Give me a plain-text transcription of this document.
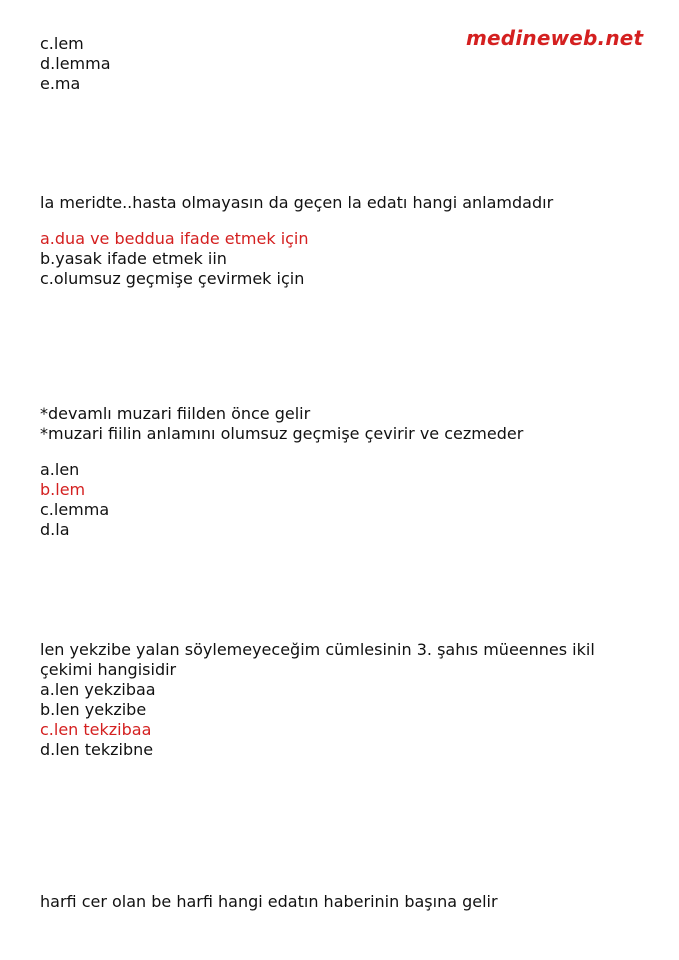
medineweb.net
c.lem
d.lemma
e.ma
la meridte..hasta olmayasın da geçen la edatı hangi anlamdadır
a.dua ve beddua ifade etmek için
b.yasak ifade etmek iin
c.olumsuz geçmişe çevirmek için
*devamlı muzari fiilden önce gelir
*muzari fiilin anlamını olumsuz geçmişe çevirir ve cezmeder
a.len
b.lem
c.lemma
d.la
len yekzibe yalan söylemeyeceğim cümlesinin 3. şahıs müeennes ikil
çekimi hangisidir
a.len yekzibaa
b.len yekzibe
c.len tekzibaa
d.len tekzibne
harfi cer olan be harfi hangi edatın haberinin başına gelir
